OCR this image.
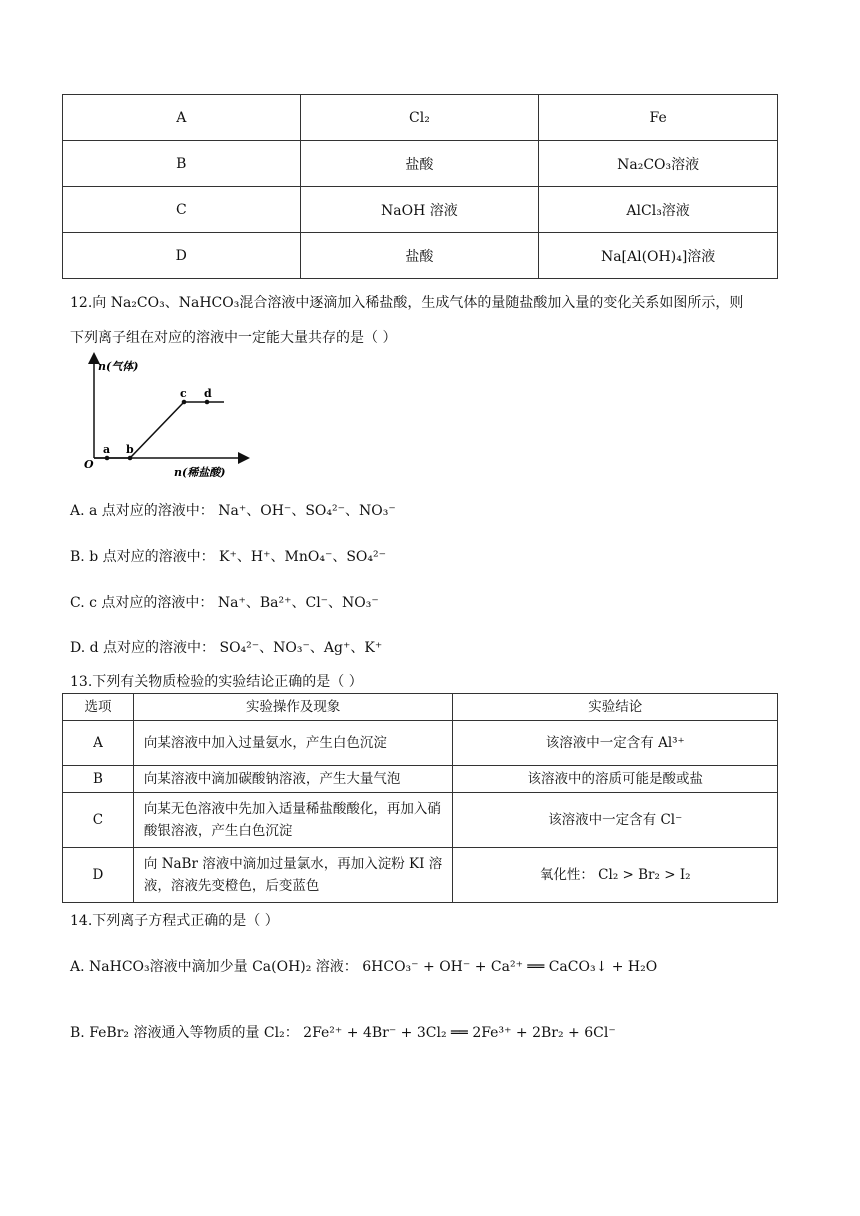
A	Cl₂	Fe
B	盐酸	Na₂CO₃溶液
C	NaOH 溶液	AlCl₃溶液
D	盐酸	Na[Al(OH)₄]溶液
12.向 Na₂CO₃、NaHCO₃混合溶液中逐滴加入稀盐酸，生成气体的量随盐酸加入量的变化关系如图所示，则
下列离子组在对应的溶液中一定能大量共存的是（ ）
n(气体)
n(稀盐酸)
O
a b
c d
A. a 点对应的溶液中： Na⁺、OH⁻、SO₄²⁻、NO₃⁻
B. b 点对应的溶液中： K⁺、H⁺、MnO₄⁻、SO₄²⁻
C. c 点对应的溶液中： Na⁺、Ba²⁺、Cl⁻、NO₃⁻
D. d 点对应的溶液中： SO₄²⁻、NO₃⁻、Ag⁺、K⁺
13.下列有关物质检验的实验结论正确的是（ ）
选项	实验操作及现象	实验结论
A	向某溶液中加入过量氨水，产生白色沉淀	该溶液中一定含有 Al³⁺
B	向某溶液中滴加碳酸钠溶液，产生大量气泡	该溶液中的溶质可能是酸或盐
C	向某无色溶液中先加入适量稀盐酸酸化，再加入硝酸银溶液，产生白色沉淀	该溶液中一定含有 Cl⁻
D	向 NaBr 溶液中滴加过量氯水，再加入淀粉 KI 溶液，溶液先变橙色，后变蓝色	氧化性： Cl₂ > Br₂ > I₂
14.下列离子方程式正确的是（ ）
A. NaHCO₃溶液中滴加少量 Ca(OH)₂ 溶液： 6HCO₃⁻ + OH⁻ + Ca²⁺ ══ CaCO₃↓ + H₂O
B. FeBr₂ 溶液通入等物质的量 Cl₂： 2Fe²⁺ + 4Br⁻ + 3Cl₂ ══ 2Fe³⁺ + 2Br₂ + 6Cl⁻
